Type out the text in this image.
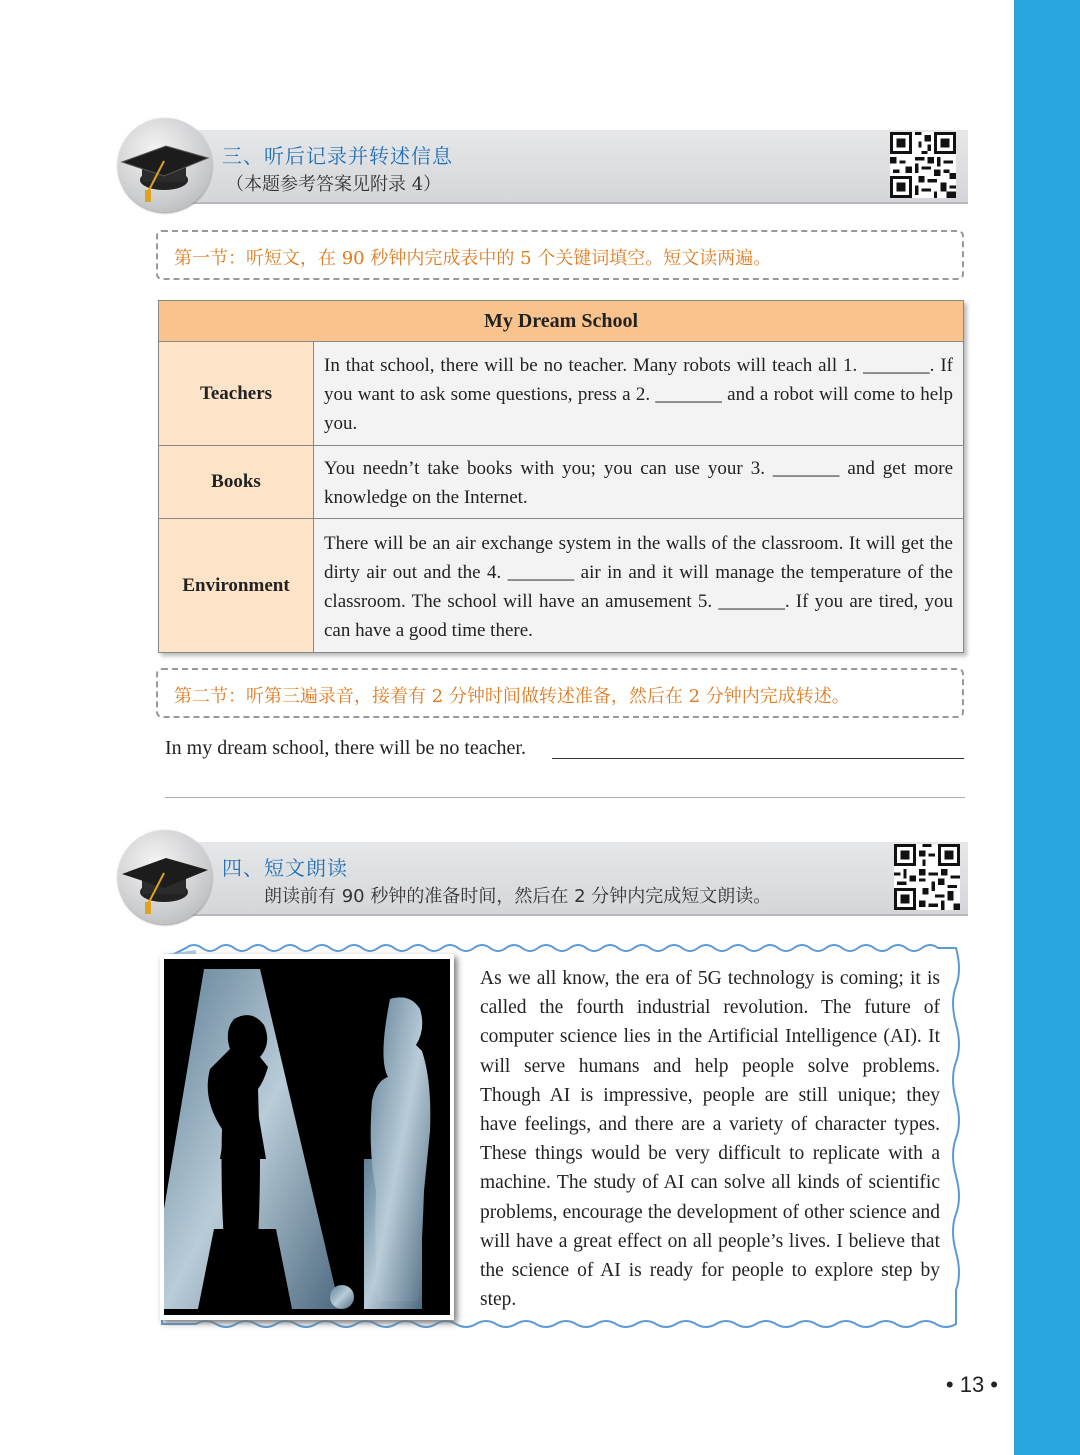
三、听后记录并转述信息
（本题参考答案见附录 4）
第一节：听短文，在 90 秒钟内完成表中的 5 个关键词填空。短文读两遍。
My Dream School	
Teachers	In that school, there will be no teacher. Many robots will teach all 1. _______. If you want to ask some questions, press a 2. _______ and a robot will come to help you.
Books	You needn’t take books with you; you can use your 3. _______ and get more knowledge on the Internet.
Environment	There will be an air exchange system in the walls of the classroom. It will get the dirty air out and the 4. _______ air in and it will manage the temperature of the classroom. The school will have an amusement 5. _______. If you are tired, you can have a good time there.
第二节：听第三遍录音，接着有 2 分钟时间做转述准备，然后在 2 分钟内完成转述。
In my dream school, there will be no teacher.
四、短文朗读
朗读前有 90 秒钟的准备时间，然后在 2 分钟内完成短文朗读。
As we all know, the era of 5G technology is coming; it is called the fourth industrial revolution. The future of computer science lies in the Artificial Intelligence (AI). It will serve humans and help people solve problems. Though AI is impressive, people are still unique; they have feelings, and there are a variety of character types. These things would be very difficult to replicate with a machine. The study of AI can solve all kinds of scientific problems, encourage the development of other science and will have a great effect on all people’s lives. I believe that the science of AI is ready for people to explore step by step.
• 13 •
